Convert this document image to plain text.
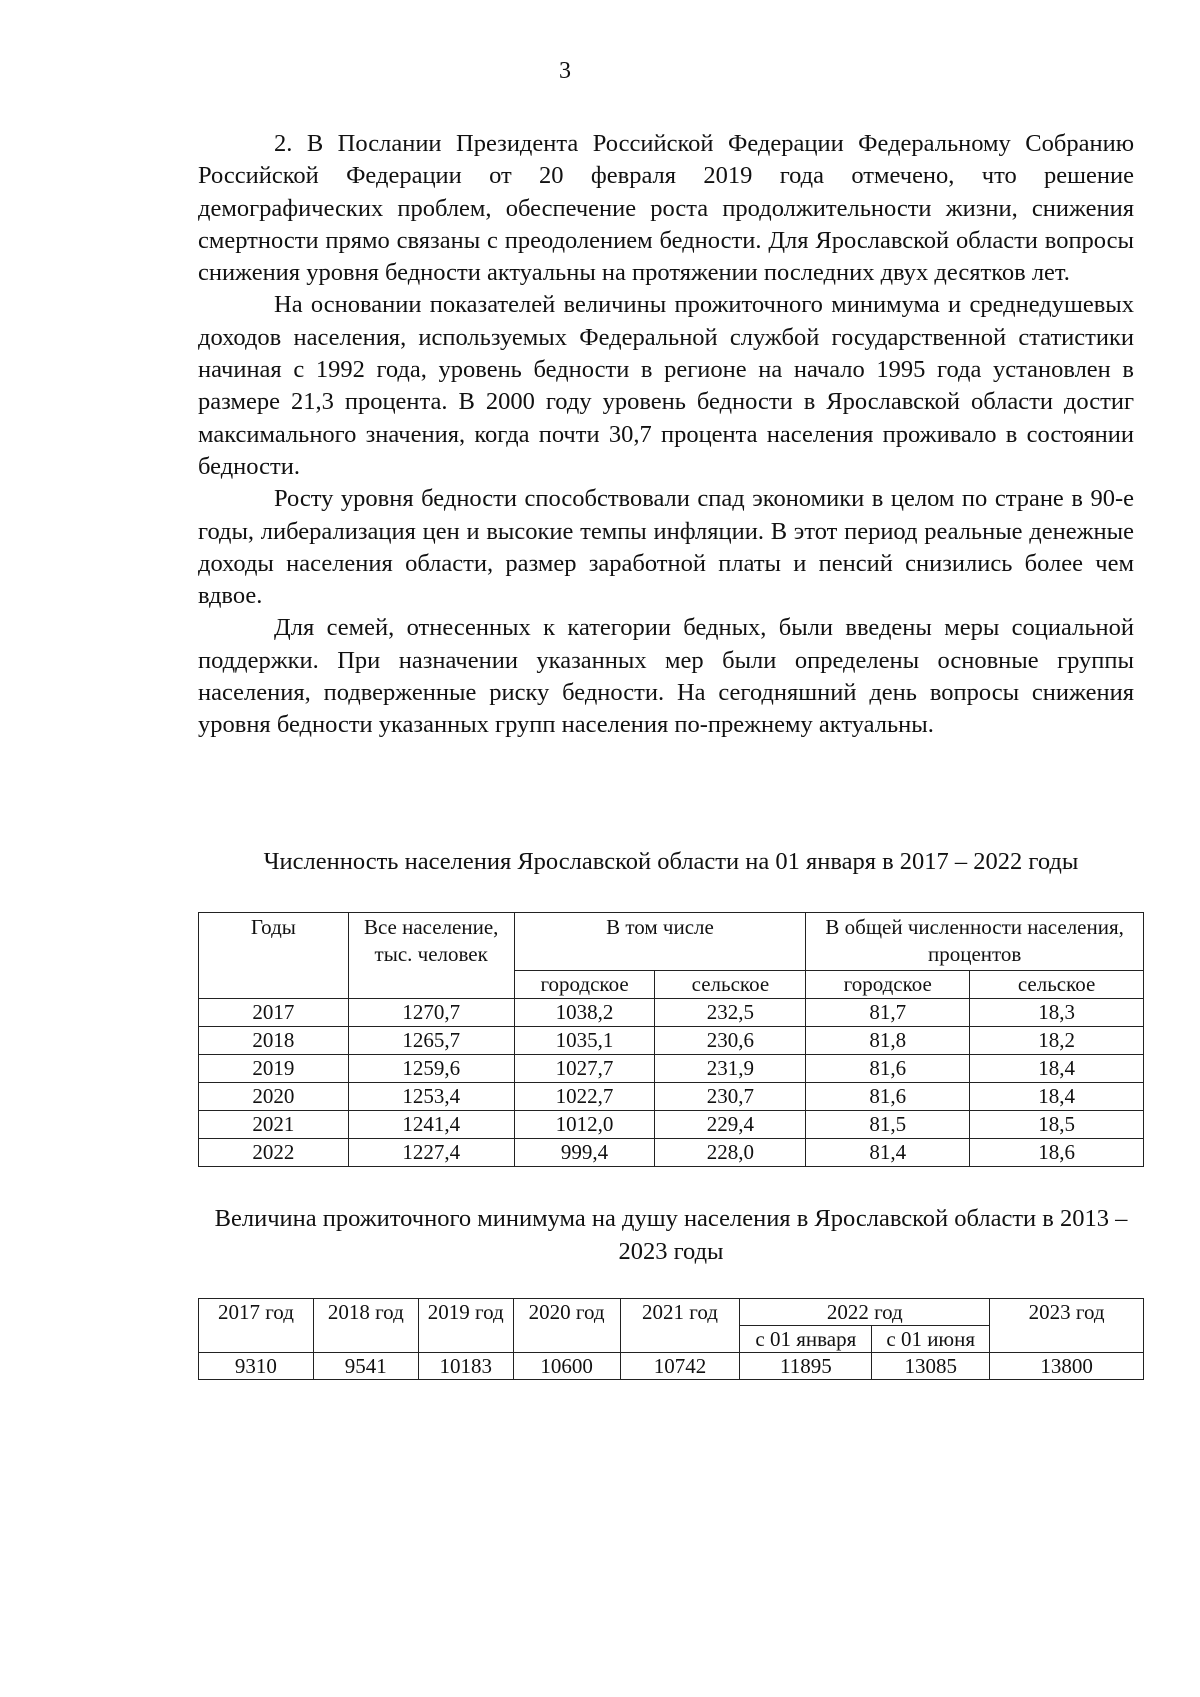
3

2. В Послании Президента Российской Федерации Федеральному Собранию Российской Федерации от 20 февраля 2019 года отмечено, что решение демографических проблем, обеспечение роста продолжительности жизни, снижения смертности прямо связаны с преодолением бедности. Для Ярославской области вопросы снижения уровня бедности актуальны на протяжении последних двух десятков лет.

На основании показателей величины прожиточного минимума и среднедушевых доходов населения, используемых Федеральной службой государственной статистики начиная с 1992 года, уровень бедности в регионе на начало 1995 года установлен в размере 21,3 процента. В 2000 году уровень бедности в Ярославской области достиг максимального значения, когда почти 30,7 процента населения проживало в состоянии бедности.

Росту уровня бедности способствовали спад экономики в целом по стране в 90-е годы, либерализация цен и высокие темпы инфляции. В этот период реальные денежные доходы населения области, размер заработной платы и пенсий снизились более чем вдвое.

Для семей, отнесенных к категории бедных, были введены меры социальной поддержки. При назначении указанных мер были определены основные группы населения, подверженные риску бедности. На сегодняшний день вопросы снижения уровня бедности указанных групп населения по-прежнему актуальны.

Численность населения Ярославской области на 01 января в 2017 – 2022 годы
Годы	Все население, тыс. человек	В том числе		В общей численности населения, процентов	
		городское	сельское	городское	сельское
2017	1270,7	1038,2	232,5	81,7	18,3
2018	1265,7	1035,1	230,6	81,8	18,2
2019	1259,6	1027,7	231,9	81,6	18,4
2020	1253,4	1022,7	230,7	81,6	18,4
2021	1241,4	1012,0	229,4	81,5	18,5
2022	1227,4	999,4	228,0	81,4	18,6
Величина прожиточного минимума на душу населения в Ярославской области в 2013 – 2023 годы
2017 год	2018 год	2019 год	2020 год	2021 год	2022 год		2023 год
					с 01 января	с 01 июня	
9310	9541	10183	10600	10742	11895	13085	13800
